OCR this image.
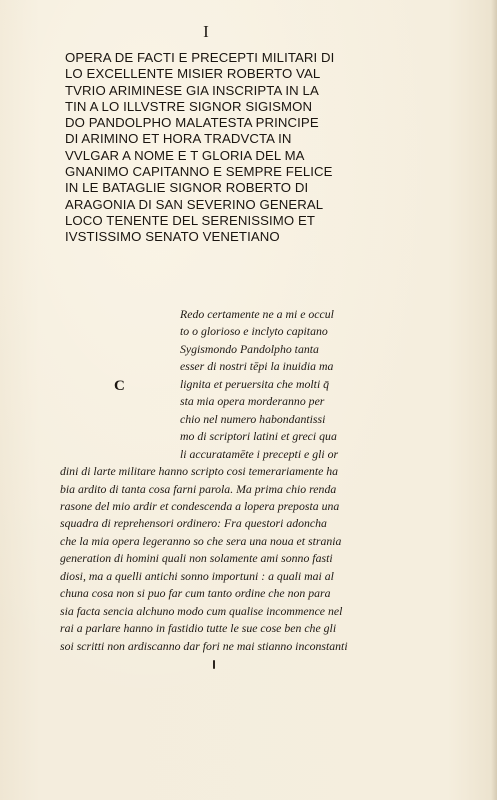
I
OPERA DE FACTI E PRECEPTI MILITARI DI
LO EXCELLENTE MISIER ROBERTO VAL
TVRIO ARIMINESE GIA INSCRIPTA IN LA
TIN A LO ILLVSTRE SIGNOR SIGISMON
DO PANDOLPHO MALATESTA PRINCIPE
DI ARIMINO ET HORA TRADVCTA IN
VVLGAR A NOME E T GLORIA DEL MA
GNANIMO CAPITANNO E SEMPRE FELICE
IN LE BATAGLIE SIGNOR ROBERTO DI
ARAGONIA DI SAN SEVERINO GENERAL
LOCO TENENTE DEL SERENISSIMO ET
IVSTISSIMO SENATO VENETIANO
C
Redo certamente ne a mi e occul
to o glorioso e inclyto capitano
Sygismondo Pandolpho tanta
esser di nostri tēpi la inuidia ma
lignita et peruersita che molti q̄
sta mia opera morderanno per
chio nel numero habondantissi
mo di scriptori latini et greci qua
li accuratamēte i precepti e gli or
dini di larte militare hanno scripto cosi temerariamente ha
bia ardito di tanta cosa farni parola. Ma prima chio renda
rasone del mio ardir et condescenda a lopera preposta una
squadra di reprehensori ordinero: Fra questori adoncha
che la mia opera legeranno so che sera una noua et strania
generation di homini quali non solamente ami sonno fasti
diosi, ma a quelli antichi sonno importuni : a quali mai al
chuna cosa non si puo far cum tanto ordine che non para
sia facta sencia alchuno modo cum qualise incommence nel
rai a parlare hanno in fastidio tutte le sue cose ben che gli
soi scritti non ardiscanno dar fori ne mai stianno inconstanti
